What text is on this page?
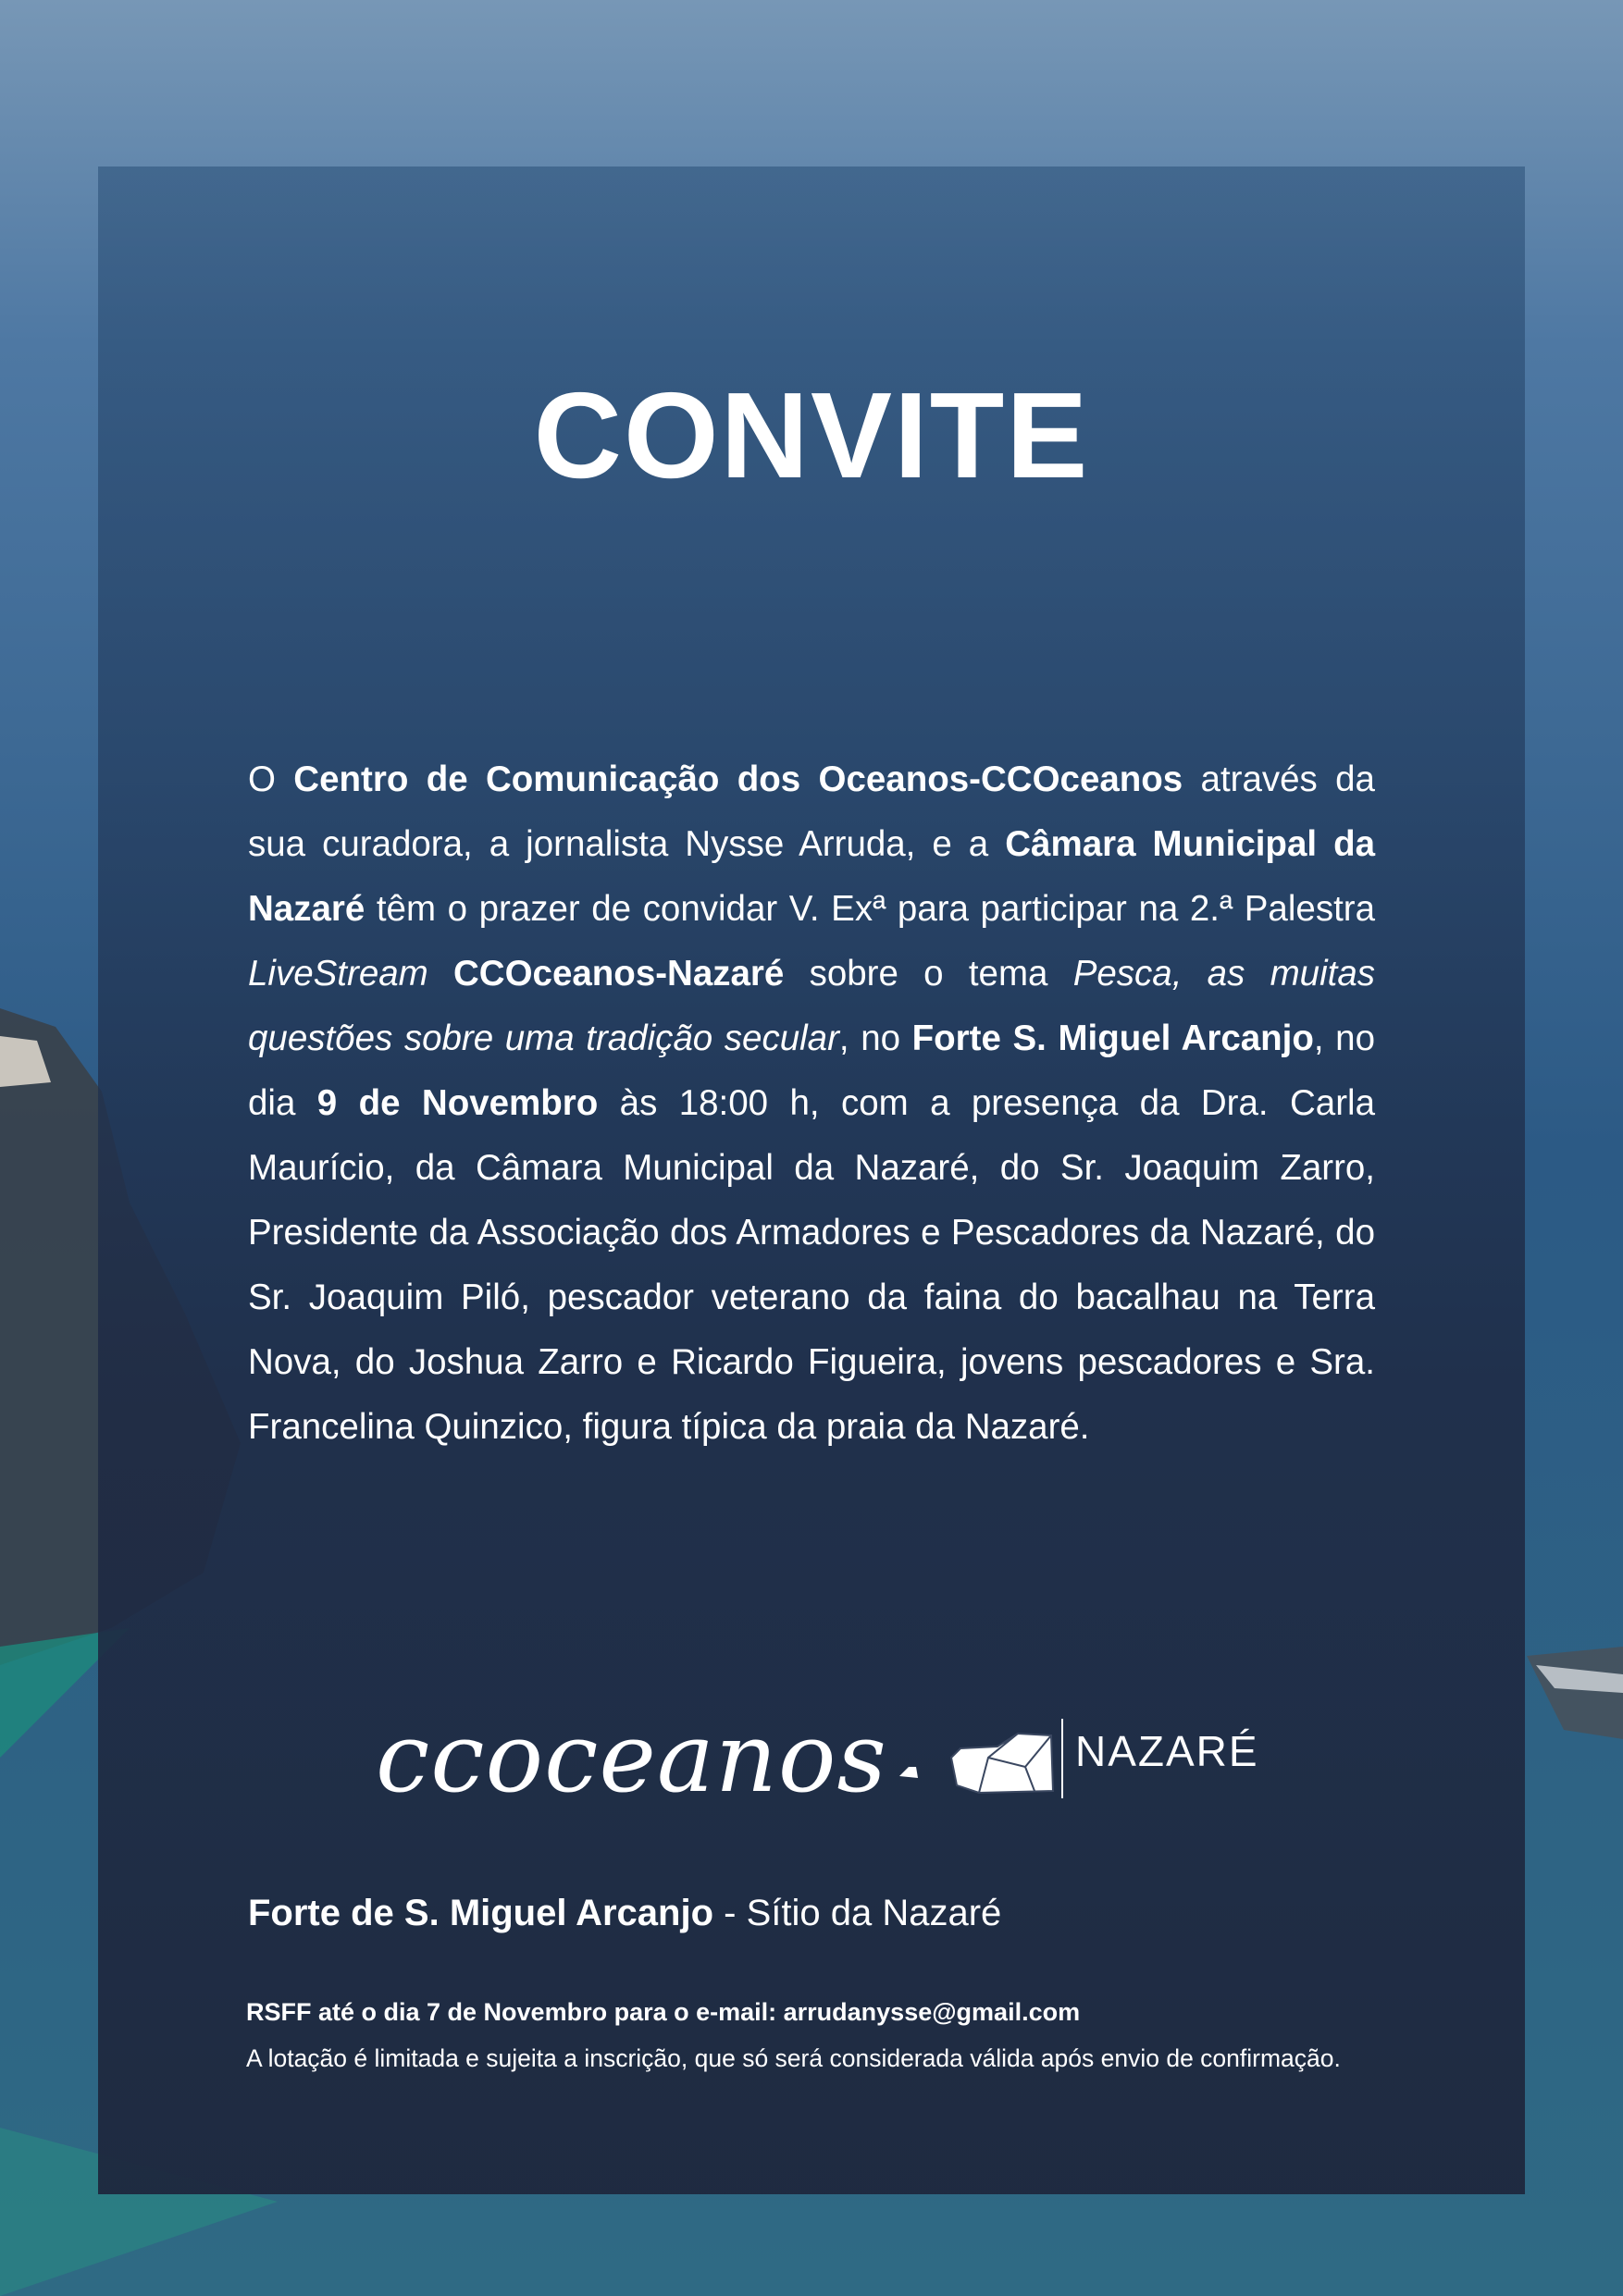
CONVITE
O Centro de Comunicação dos Oceanos-CCOceanos através da sua curadora, a jornalista Nysse Arruda, e a Câmara Municipal da Nazaré têm o prazer de convidar V. Exª para participar na 2.ª Palestra LiveStream CCOceanos-Nazaré sobre o tema Pesca, as muitas questões sobre uma tradição secular, no Forte S. Miguel Arcanjo, no dia 9 de Novembro às 18:00 h, com a presença da Dra. Carla Maurício, da Câmara Municipal da Nazaré, do Sr. Joaquim Zarro, Presidente da Associação dos Armadores e Pescadores da Nazaré, do Sr. Joaquim Piló, pescador veterano da faina do bacalhau na Terra Nova, do Joshua Zarro e Ricardo Figueira, jovens pescadores e Sra. Francelina Quinzico, figura típica da praia da Nazaré.
ccoceanos	NAZARÉ
Forte de S. Miguel Arcanjo - Sítio da Nazaré
RSFF até o dia 7 de Novembro para o e-mail: arrudanysse@gmail.com
A lotação é limitada e sujeita a inscrição, que só será considerada válida após envio de confirmação.
